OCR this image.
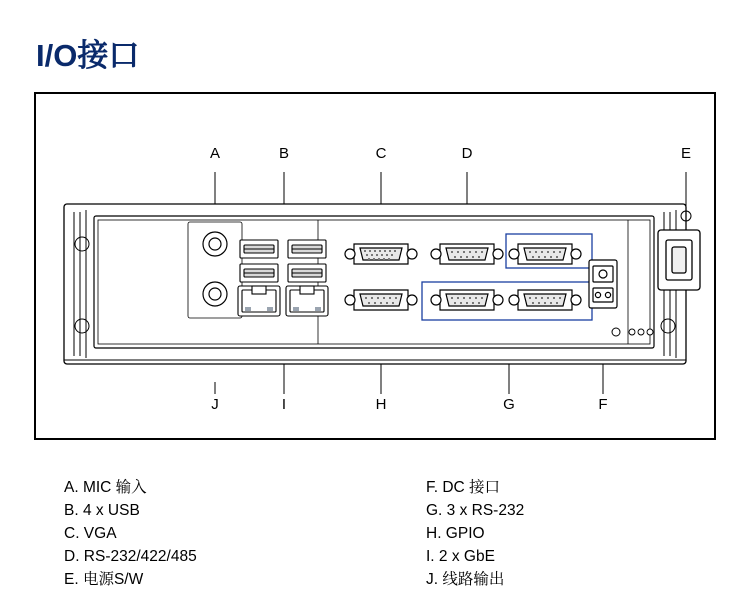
I/O接口
A	B	C	D	E
J	I	H	G	F
A. MIC 输入
B. 4 x USB
C. VGA
D. RS-232/422/485
E. 电源S/W
F. DC 接口
G. 3 x RS-232
H. GPIO
I. 2 x GbE
J. 线路输出
